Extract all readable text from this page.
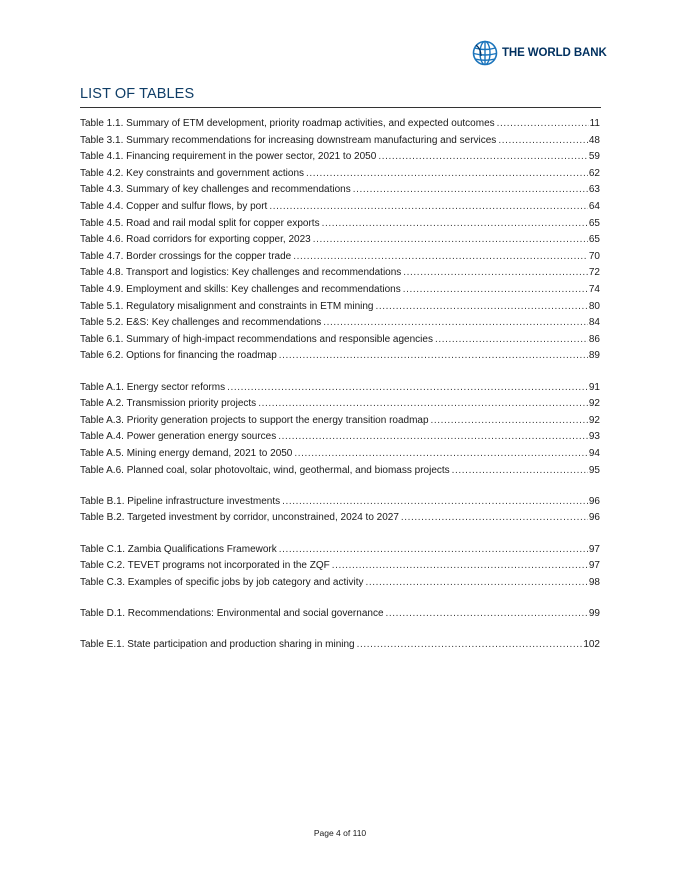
THE WORLD BANK
LIST OF TABLES
Table 1.1. Summary of ETM development, priority roadmap activities, and expected outcomes .....	11
Table 3.1. Summary recommendations for increasing downstream manufacturing and services .....	48
Table 4.1. Financing requirement in the power sector, 2021 to 2050 .....	59
Table 4.2. Key constraints and government actions .....	62
Table 4.3. Summary of key challenges and recommendations .....	63
Table 4.4. Copper and sulfur flows, by port .....	64
Table 4.5. Road and rail modal split for copper exports .....	65
Table 4.6. Road corridors for exporting copper, 2023 .....	65
Table 4.7. Border crossings for the copper trade .....	70
Table 4.8. Transport and logistics: Key challenges and recommendations .....	72
Table 4.9. Employment and skills: Key challenges and recommendations .....	74
Table 5.1. Regulatory misalignment and constraints in ETM mining .....	80
Table 5.2. E&S: Key challenges and recommendations .....	84
Table 6.1. Summary of high-impact recommendations and responsible agencies .....	86
Table 6.2. Options for financing the roadmap .....	89
Table A.1. Energy sector reforms .....	91
Table A.2. Transmission priority projects .....	92
Table A.3. Priority generation projects to support the energy transition roadmap .....	92
Table A.4. Power generation energy sources .....	93
Table A.5. Mining energy demand, 2021 to 2050 .....	94
Table A.6. Planned coal, solar photovoltaic, wind, geothermal, and biomass projects .....	95
Table B.1. Pipeline infrastructure investments .....	96
Table B.2. Targeted investment by corridor, unconstrained, 2024 to 2027 .....	96
Table C.1. Zambia Qualifications Framework .....	97
Table C.2. TEVET programs not incorporated in the ZQF .....	97
Table C.3. Examples of specific jobs by job category and activity .....	98
Table D.1. Recommendations: Environmental and social governance .....	99
Table E.1. State participation and production sharing in mining .....	102
Page 4 of 110
